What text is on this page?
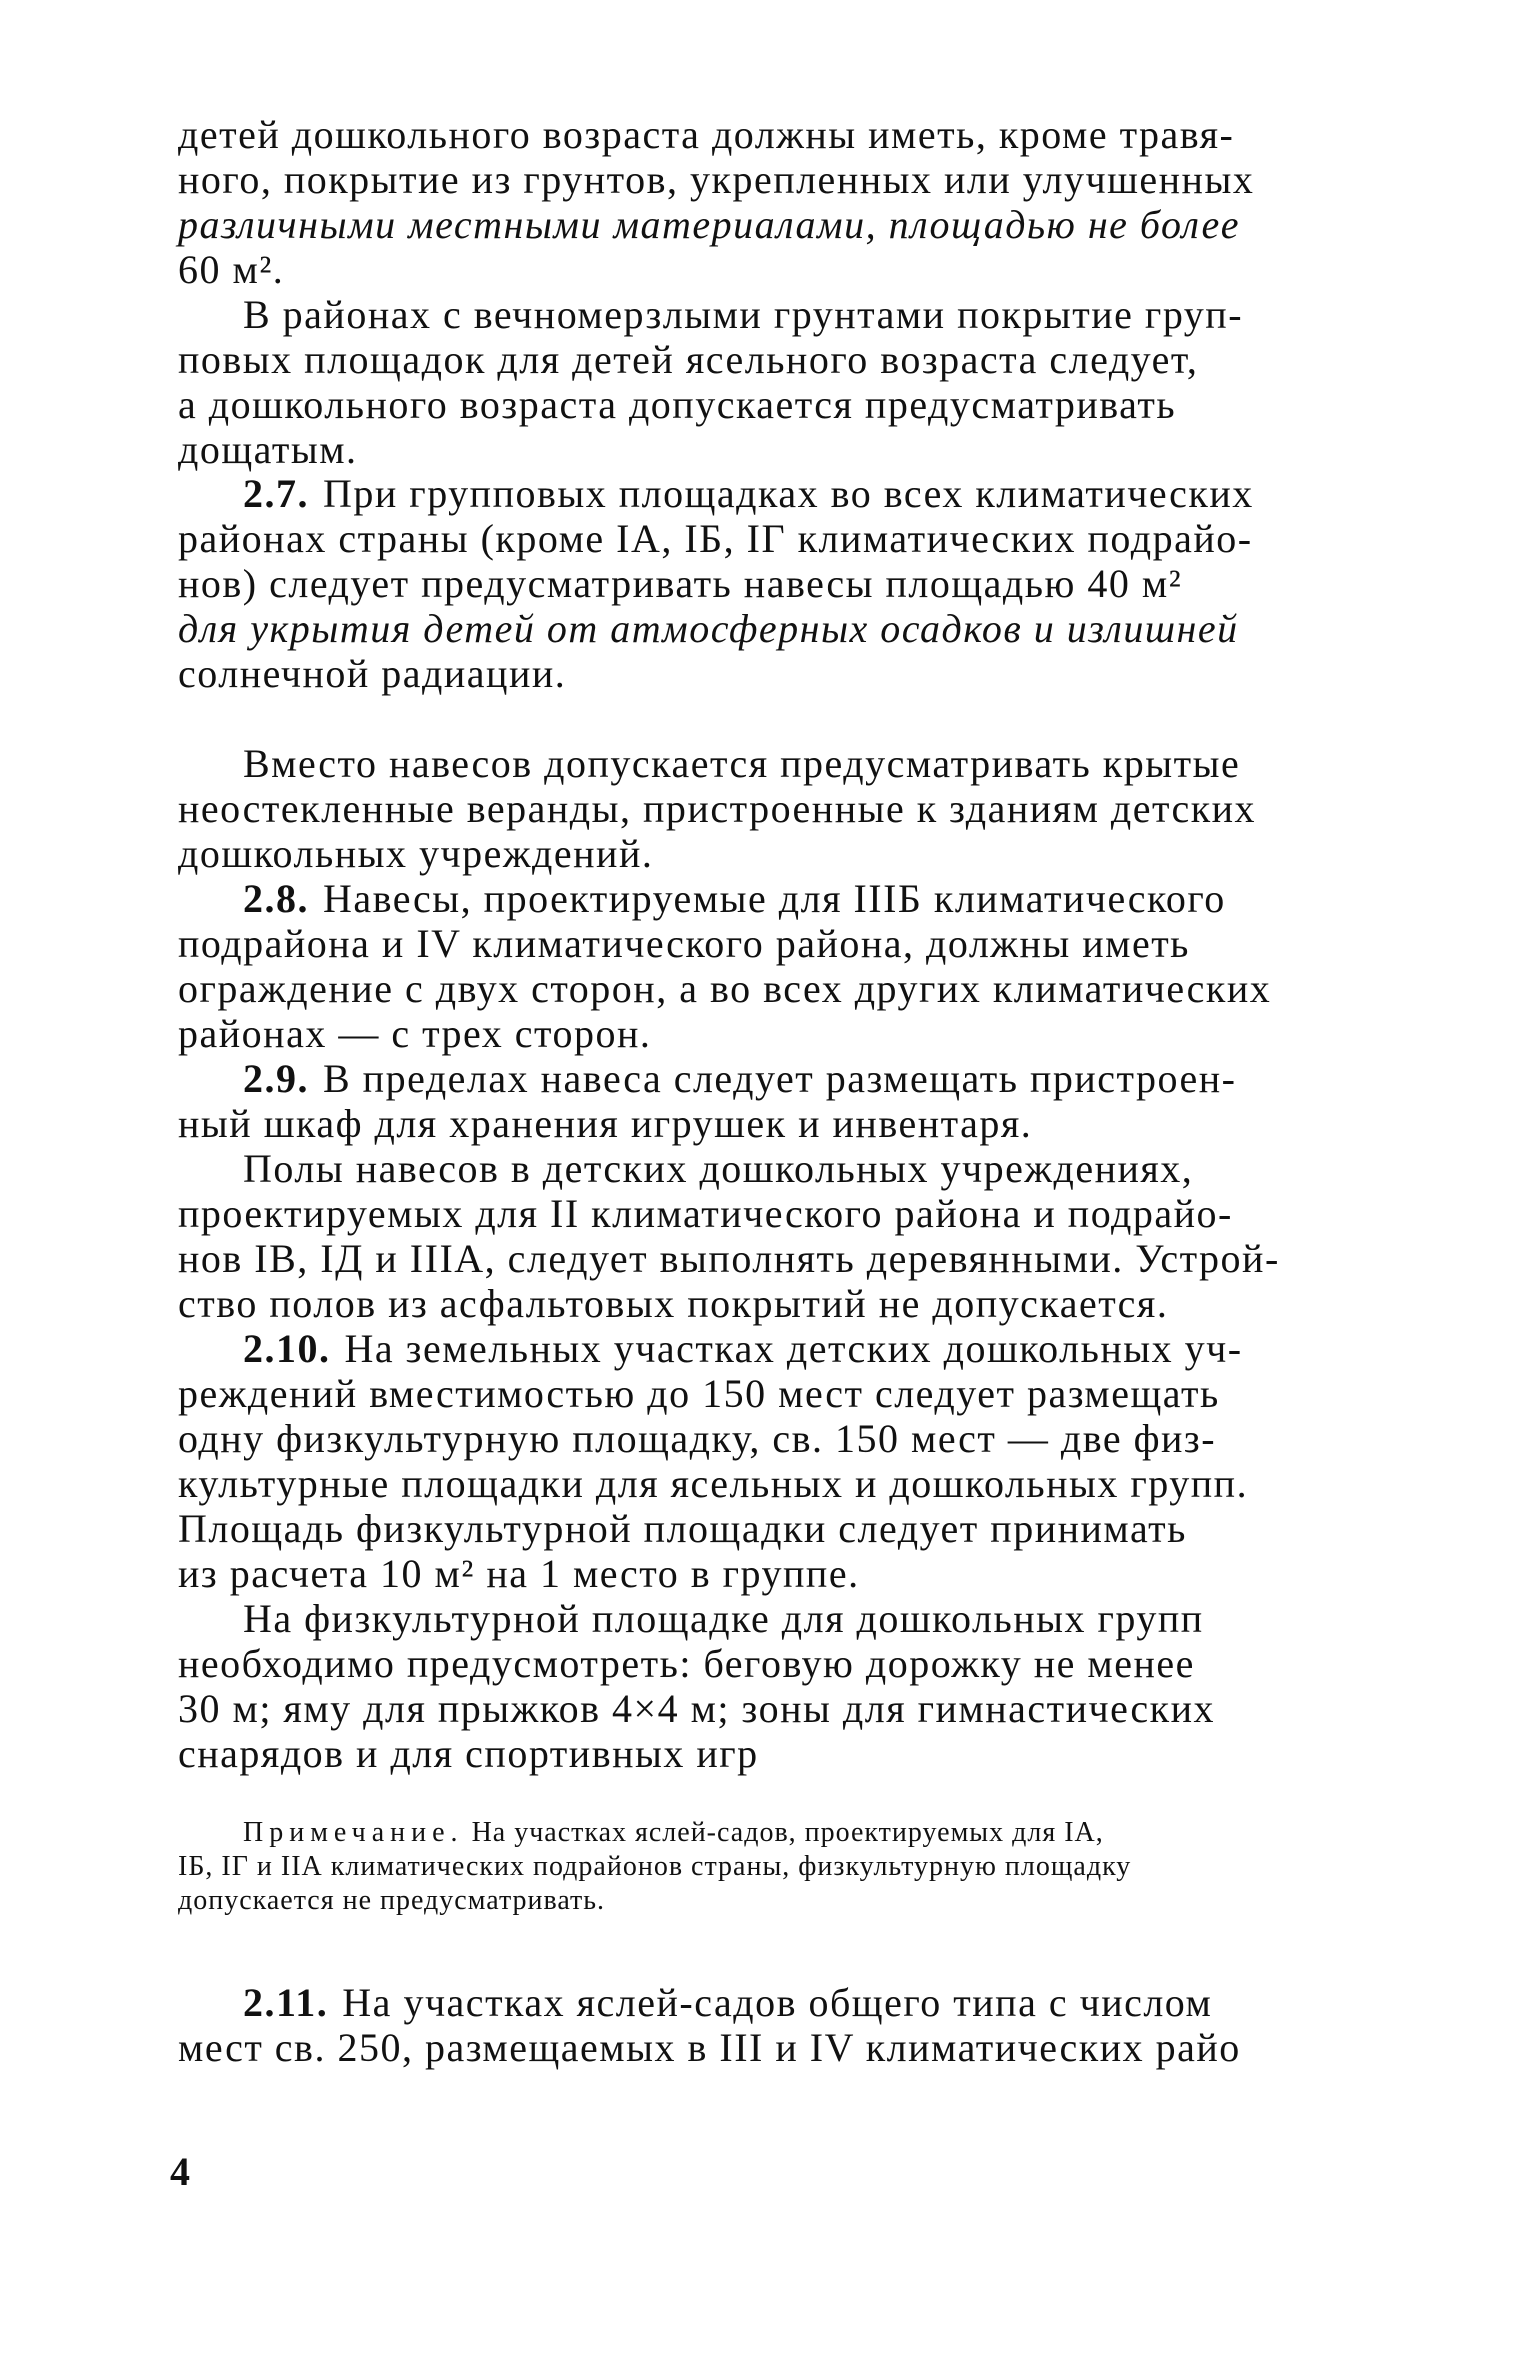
детей дошкольного возраста должны иметь, кроме травя-
ного, покрытие из грунтов, укрепленных или улучшенных
различными местными материалами, площадью не более
60 м².
В районах с вечномерзлыми грунтами покрытие груп-
повых площадок для детей ясельного возраста следует,
а дошкольного возраста допускается предусматривать
дощатым.
2.7. При групповых площадках во всех климатических
районах страны (кроме IА, IБ, IГ климатических подрайо-
нов) следует предусматривать навесы площадью 40 м²
для укрытия детей от атмосферных осадков и излишней
солнечной радиации.
Вместо навесов допускается предусматривать крытые
неостекленные веранды, пристроенные к зданиям детских
дошкольных учреждений.
2.8. Навесы, проектируемые для IIIБ климатического
подрайона и IV климатического района, должны иметь
ограждение с двух сторон, а во всех других климатических
районах — с трех сторон.
2.9. В пределах навеса следует размещать пристроен-
ный шкаф для хранения игрушек и инвентаря.
Полы навесов в детских дошкольных учреждениях,
проектируемых для II климатического района и подрайо-
нов IВ, IД и IIIА, следует выполнять деревянными. Устрой-
ство полов из асфальтовых покрытий не допускается.
2.10. На земельных участках детских дошкольных уч-
реждений вместимостью до 150 мест следует размещать
одну физкультурную площадку, св. 150 мест — две физ-
культурные площадки для ясельных и дошкольных групп.
Площадь физкультурной площадки следует принимать
из расчета 10 м² на 1 место в группе.
На физкультурной площадке для дошкольных групп
необходимо предусмотреть: беговую дорожку не менее
30 м; яму для прыжков 4×4 м; зоны для гимнастических
снарядов и для спортивных игр
Примечание. На участках яслей-садов, проектируемых для IА,
IБ, IГ и IIА климатических подрайонов страны, физкультурную площадку
допускается не предусматривать.
2.11. На участках яслей-садов общего типа с числом
мест св. 250, размещаемых в III и IV климатических райо
4
